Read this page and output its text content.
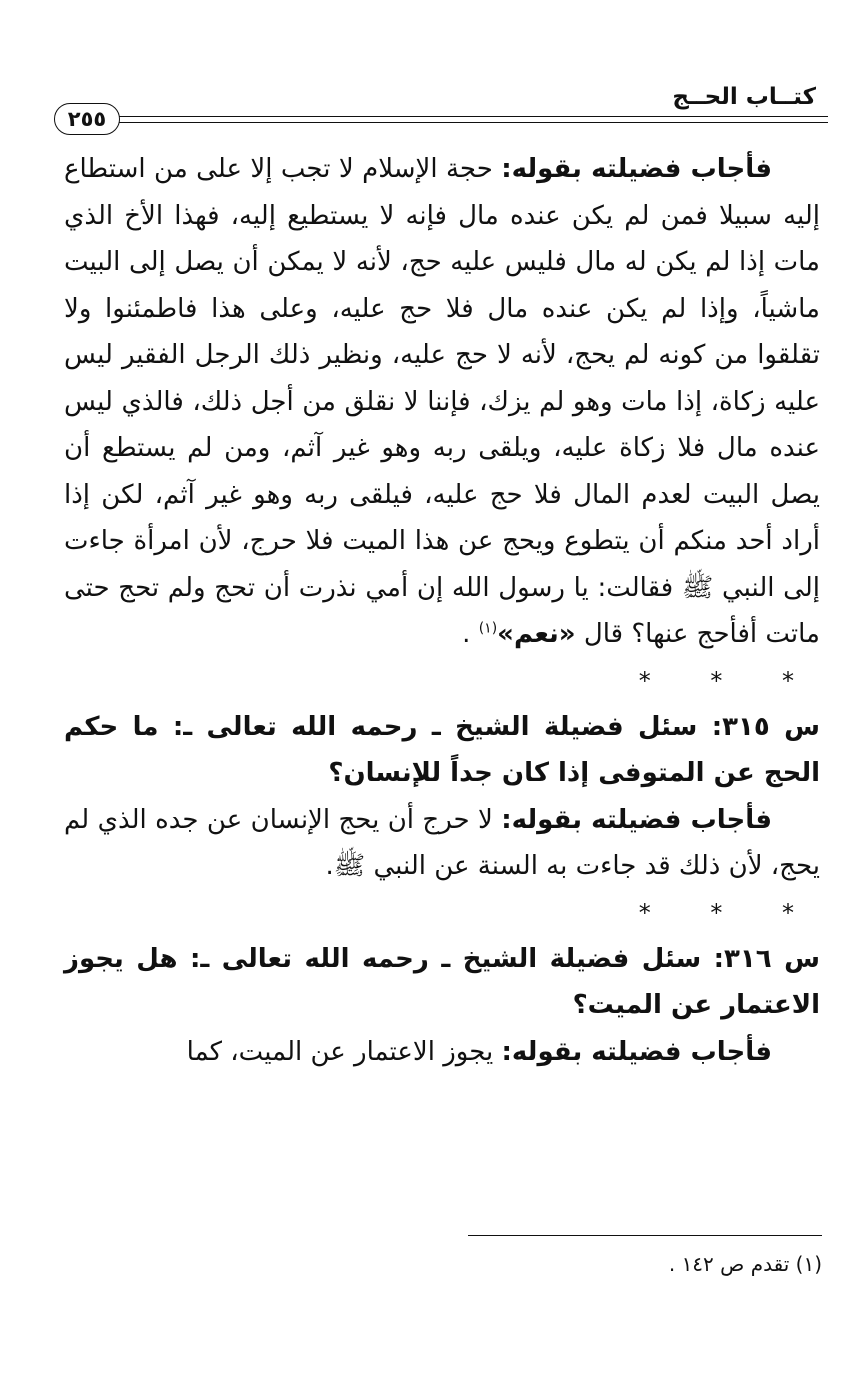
كتــاب الحــج
٢٥٥

فأجاب فضيلته بقوله: حجة الإسلام لا تجب إلا على من استطاع إليه سبيلا فمن لم يكن عنده مال فإنه لا يستطيع إليه، فهذا الأخ الذي مات إذا لم يكن له مال فليس عليه حج، لأنه لا يمكن أن يصل إلى البيت ماشياً، وإذا لم يكن عنده مال فلا حج عليه، وعلى هذا فاطمئنوا ولا تقلقوا من كونه لم يحج، لأنه لا حج عليه، ونظير ذلك الرجل الفقير ليس عليه زكاة، إذا مات وهو لم يزك، فإننا لا نقلق من أجل ذلك، فالذي ليس عنده مال فلا زكاة عليه، ويلقى ربه وهو غير آثم، ومن لم يستطع أن يصل البيت لعدم المال فلا حج عليه، فيلقى ربه وهو غير آثم، لكن إذا أراد أحد منكم أن يتطوع ويحج عن هذا الميت فلا حرج، لأن امرأة جاءت إلى النبي ﷺ فقالت: يا رسول الله إن أمي نذرت أن تحج ولم تحج حتى ماتت أفأحج عنها؟ قال «نعم»$^{(١)}$ .

* * *

س ٣١٥: سئل فضيلة الشيخ ـ رحمه الله تعالى ـ: ما حكم الحج عن المتوفى إذا كان جداً للإنسان؟

فأجاب فضيلته بقوله: لا حرج أن يحج الإنسان عن جده الذي لم يحج، لأن ذلك قد جاءت به السنة عن النبي ﷺ.

* * *

س ٣١٦: سئل فضيلة الشيخ ـ رحمه الله تعالى ـ: هل يجوز الاعتمار عن الميت؟

فأجاب فضيلته بقوله: يجوز الاعتمار عن الميت، كما

(١) تقدم ص ١٤٢ .
